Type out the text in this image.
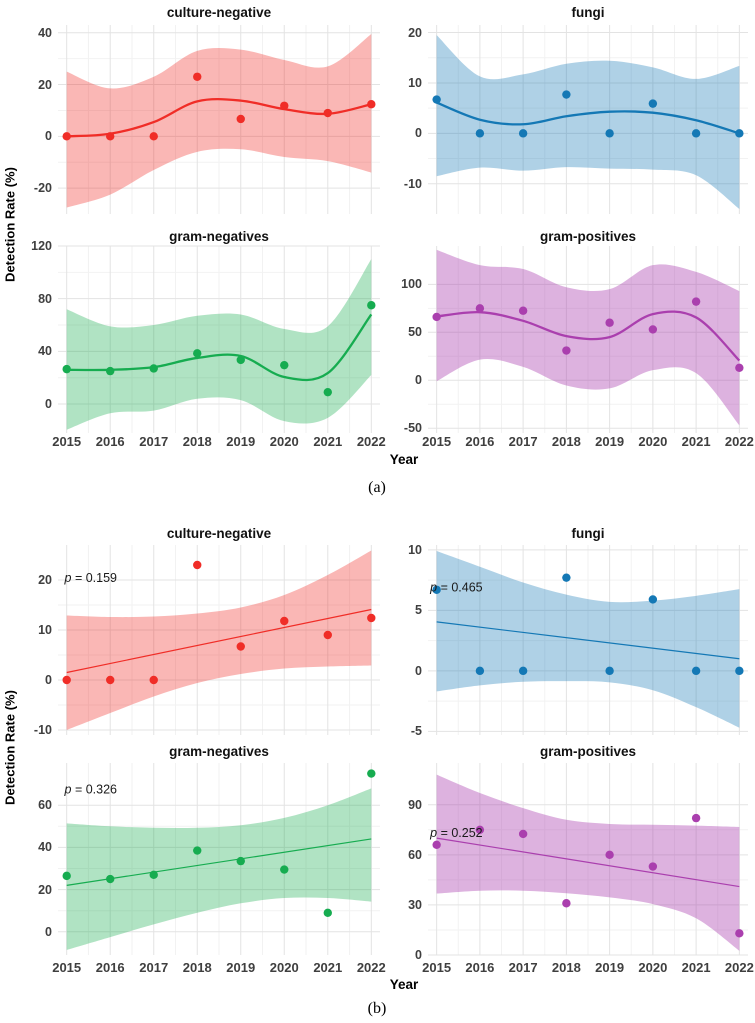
p = 0.159
p = 0.465
p = 0.326
p = 0.252
culture-negative	fungi
gram-negatives	gram-positives
culture-negative	fungi
gram-negatives	gram-positives
Detection Rate (%)
Detection Rate (%)
Year
Year
(a)
(b)
40
20
0
-20
20
10
0
-10
120
80
40
0
2015	2016	2017	2018	2019	2020	2021	2022
100
50
0
-50
2015	2016	2017	2018	2019	2020	2021	2022
20
10
0
-10
10
5
0
-5
60
40
20
0
2015	2016	2017	2018	2019	2020	2021	2022
90
60
30
0
2015	2016	2017	2018	2019	2020	2021	2022
